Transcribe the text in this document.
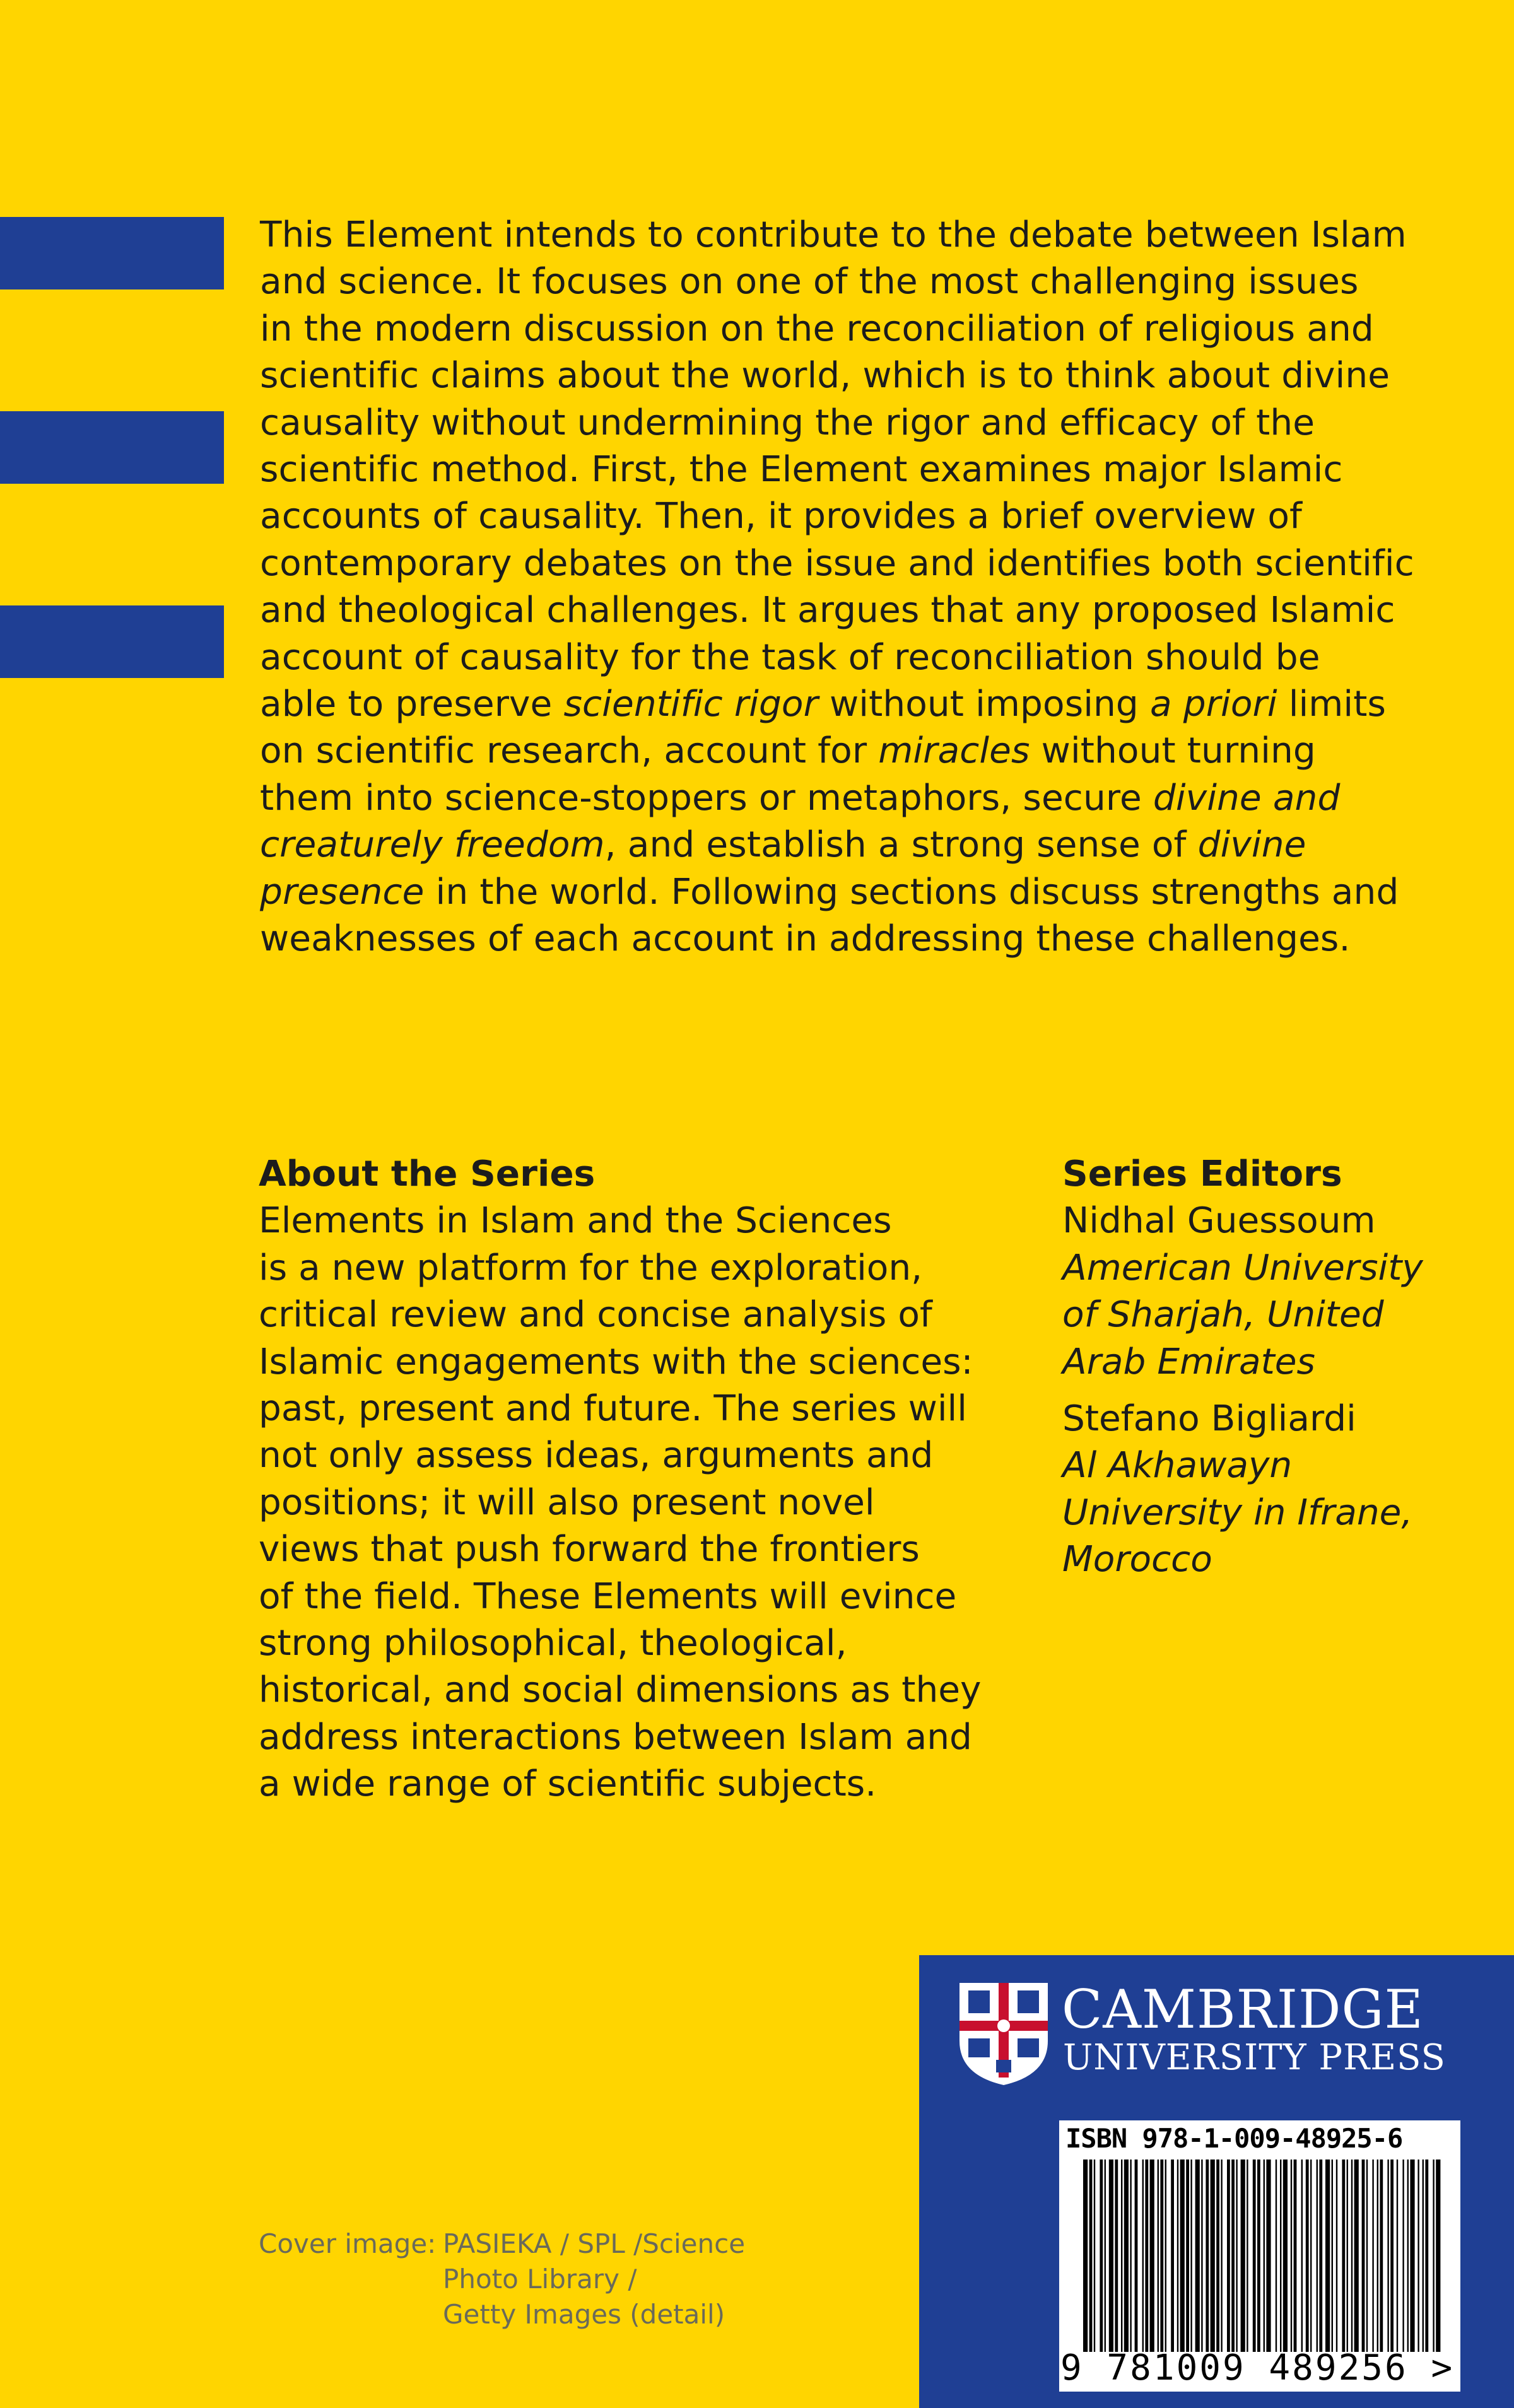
This Element intends to contribute to the debate between Islam
and science. It focuses on one of the most challenging issues
in the modern discussion on the reconciliation of religious and
scientific claims about the world, which is to think about divine
causality without undermining the rigor and efficacy of the
scientific method. First, the Element examines major Islamic
accounts of causality. Then, it provides a brief overview of
contemporary debates on the issue and identifies both scientific
and theological challenges. It argues that any proposed Islamic
account of causality for the task of reconciliation should be
able to preserve scientific rigor without imposing a priori limits
on scientific research, account for miracles without turning
them into science-stoppers or metaphors, secure divine and
creaturely freedom, and establish a strong sense of divine
presence in the world. Following sections discuss strengths and
weaknesses of each account in addressing these challenges.

About the Series
Elements in Islam and the Sciences
is a new platform for the exploration,
critical review and concise analysis of
Islamic engagements with the sciences:
past, present and future. The series will
not only assess ideas, arguments and
positions; it will also present novel
views that push forward the frontiers
of the field. These Elements will evince
strong philosophical, theological,
historical, and social dimensions as they
address interactions between Islam and
a wide range of scientific subjects.
Series Editors
Nidhal Guessoum
American University
of Sharjah, United
Arab Emirates
Stefano Bigliardi
Al Akhawayn
University in Ifrane,
Morocco
Cover image: PASIEKA / SPL /Science
Photo Library /
Getty Images (detail)
CAMBRIDGE
UNIVERSITY PRESS
ISBN 978-1-009-48925-6
9 781009 489256 >
